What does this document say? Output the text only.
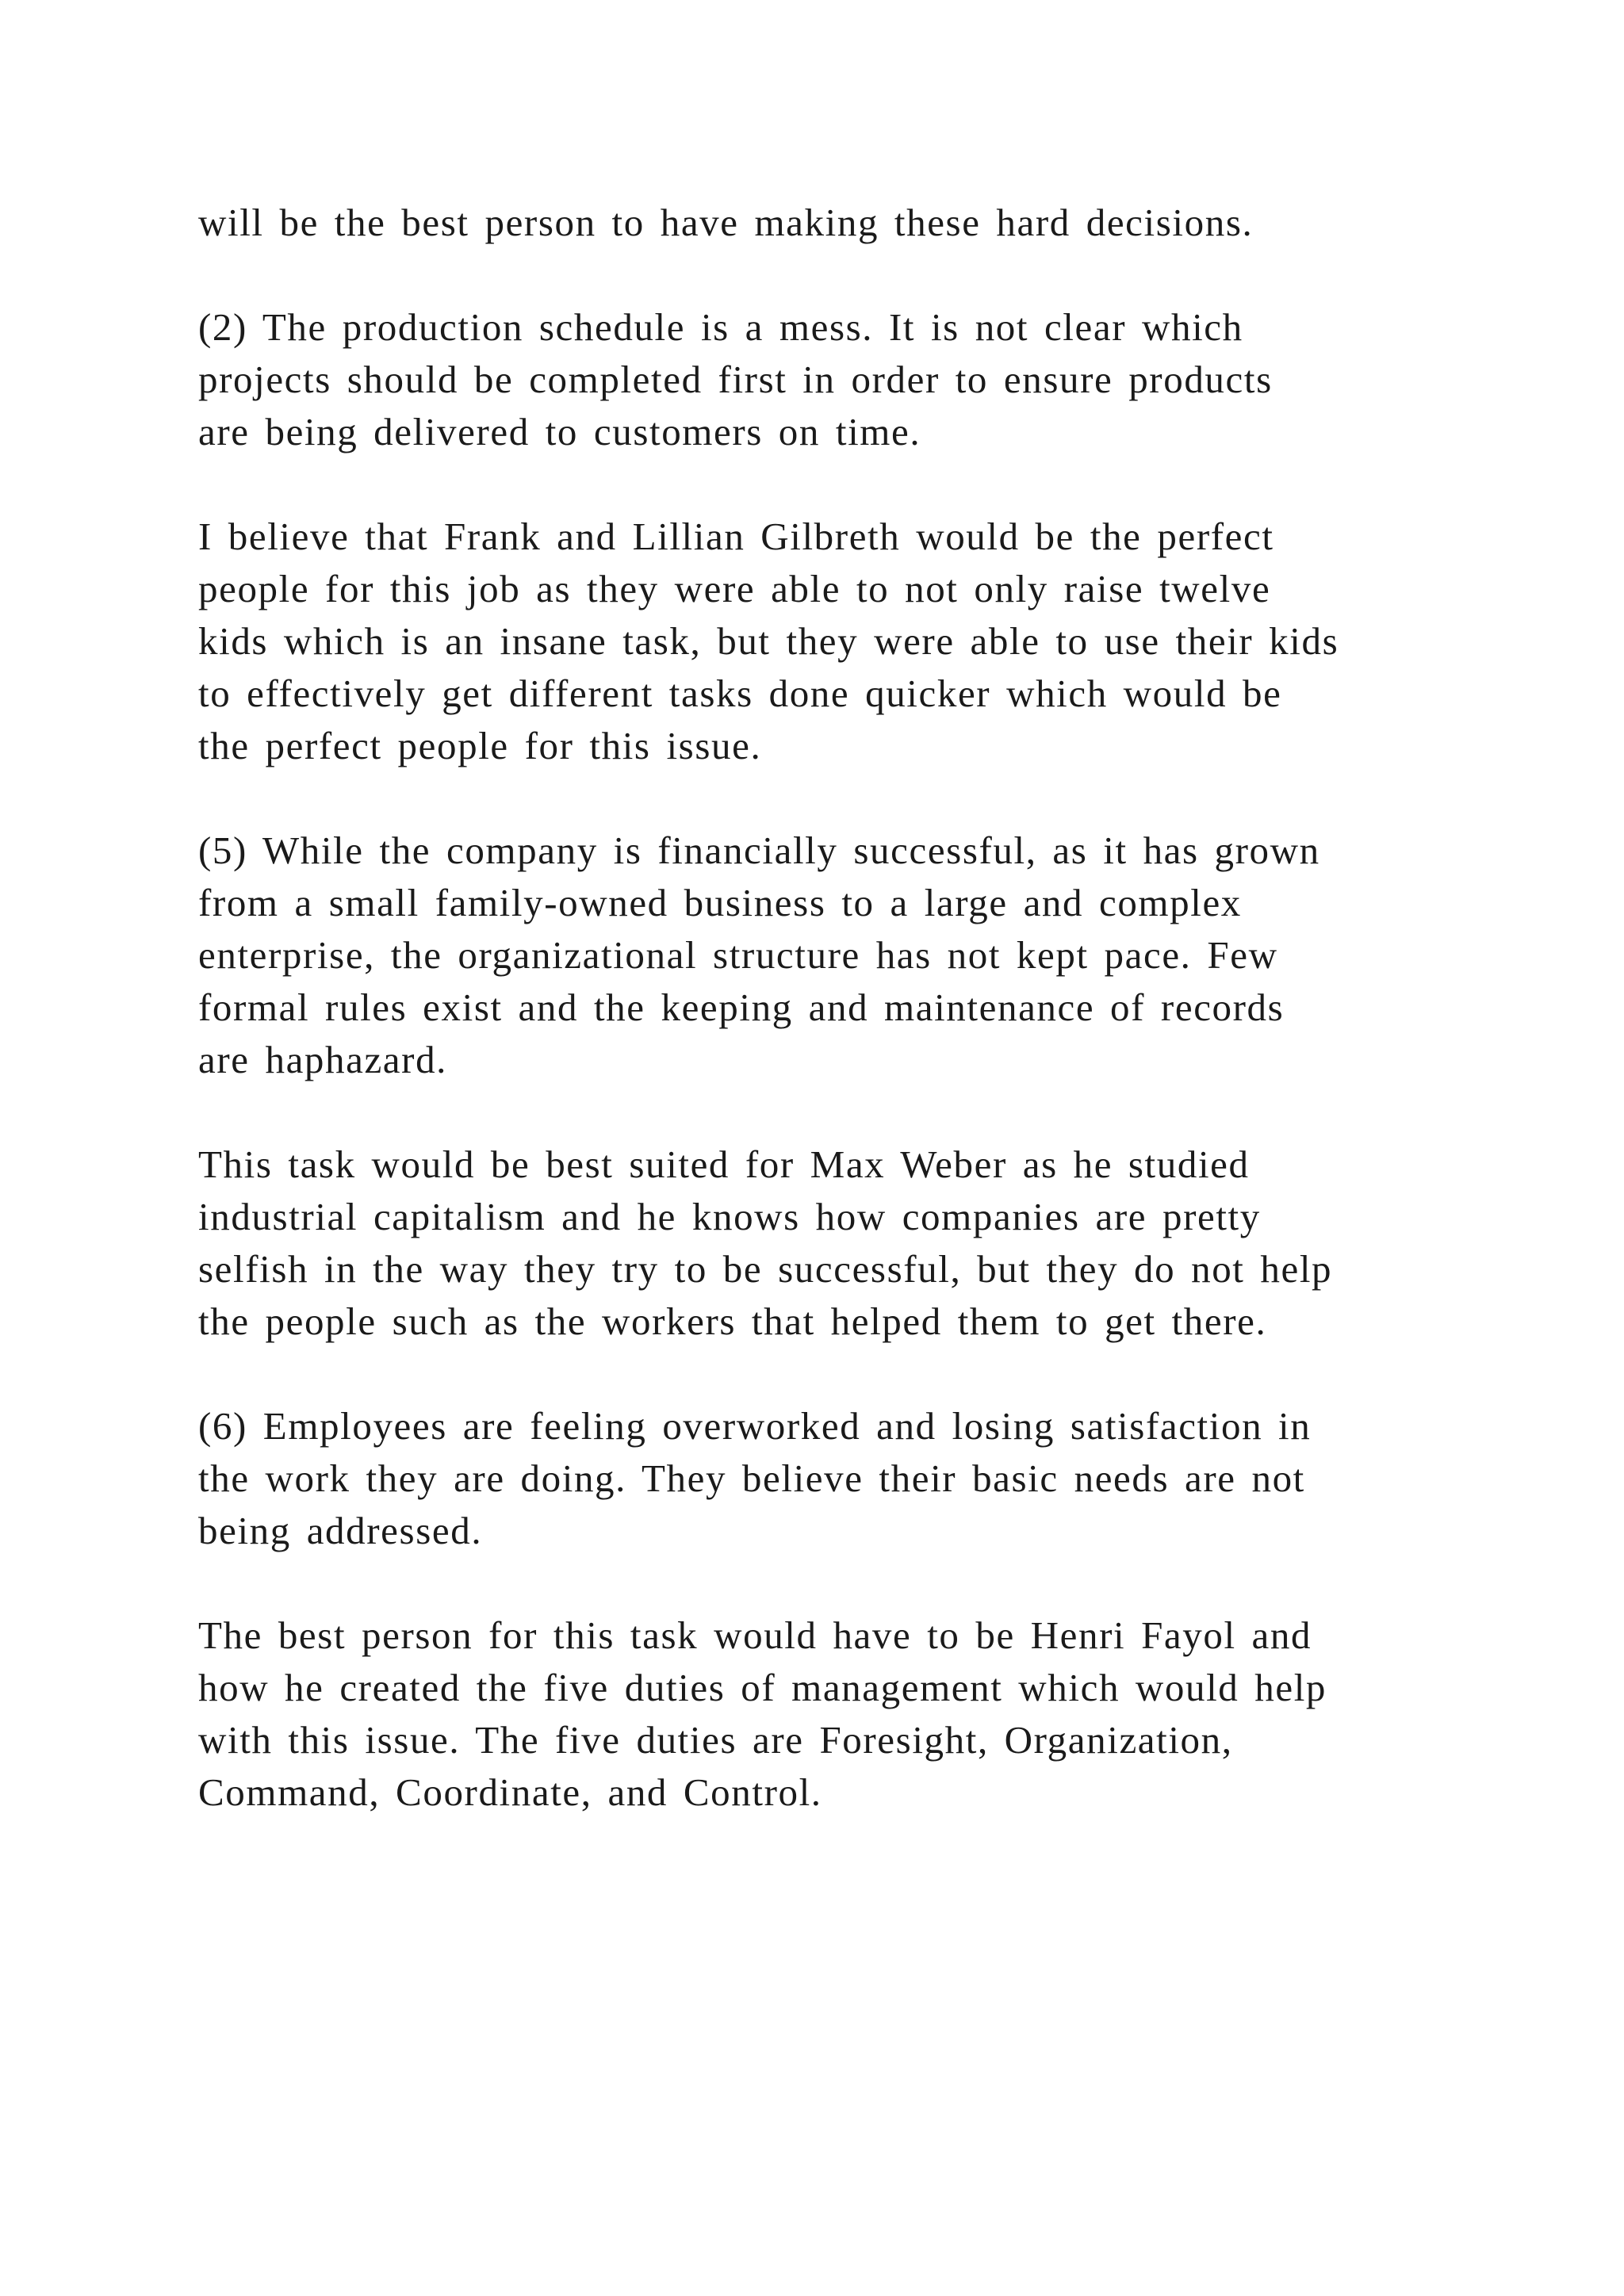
will be the best person to have making these hard decisions.
(2) The production schedule is a mess. It is not clear which
projects should be completed first in order to ensure products
are being delivered to customers on time.
I believe that Frank and Lillian Gilbreth would be the perfect
people for this job as they were able to not only raise twelve
kids which is an insane task, but they were able to use their kids
to effectively get different tasks done quicker which would be
the perfect people for this issue.
(5) While the company is financially successful, as it has grown
from a small family-owned business to a large and complex
enterprise, the organizational structure has not kept pace. Few
formal rules exist and the keeping and maintenance of records
are haphazard.
This task would be best suited for Max Weber as he studied
industrial capitalism and he knows how companies are pretty
selfish in the way they try to be successful, but they do not help
the people such as the workers that helped them to get there.
(6) Employees are feeling overworked and losing satisfaction in
the work they are doing. They believe their basic needs are not
being addressed.
The best person for this task would have to be Henri Fayol and
how he created the five duties of management which would help
with this issue. The five duties are Foresight, Organization,
Command, Coordinate, and Control.
